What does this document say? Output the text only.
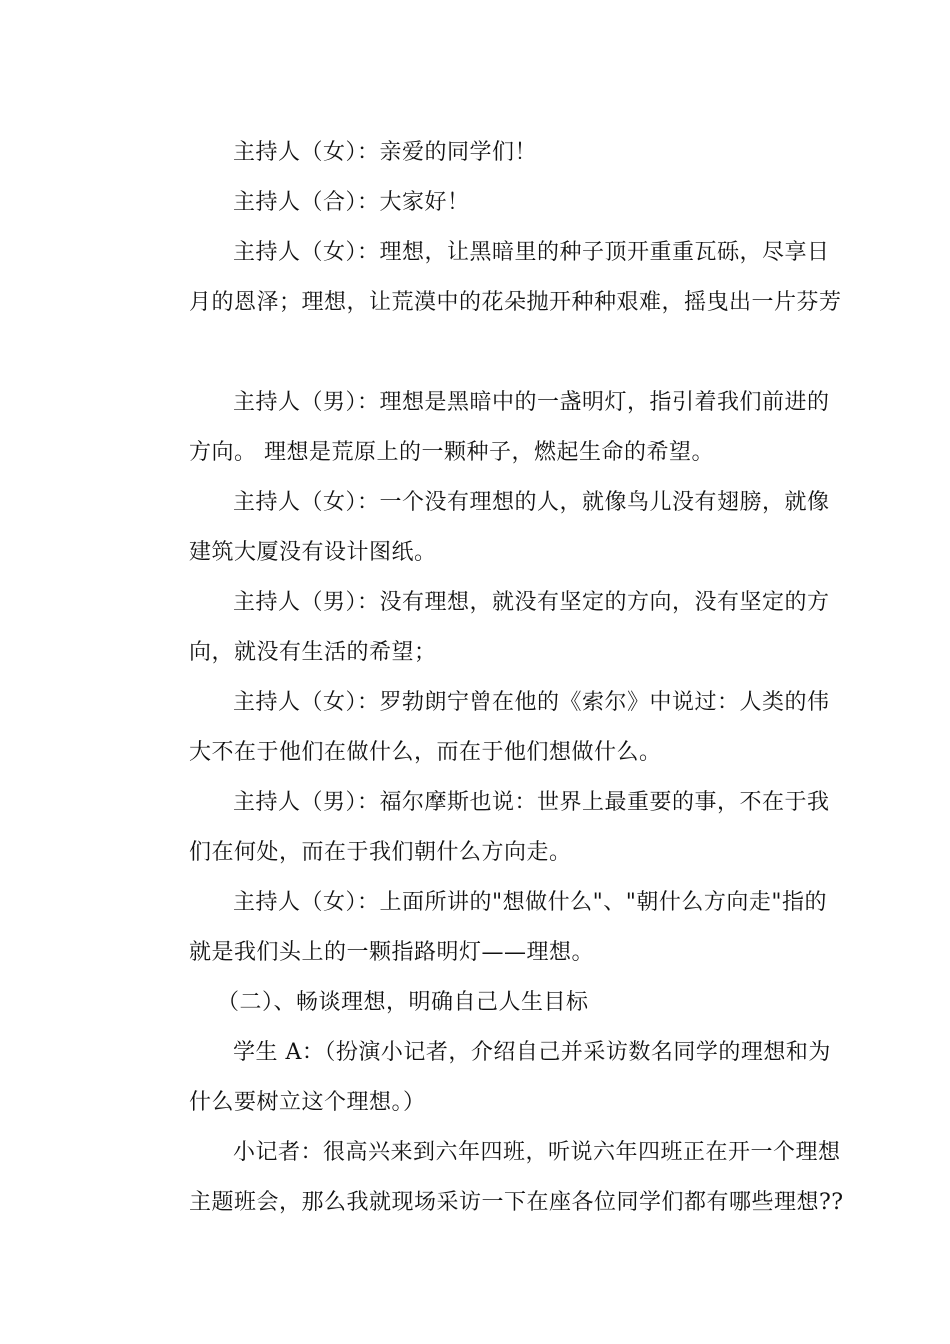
主持人（女）：亲爱的同学们！
主持人（合）：大家好！
主持人（女）：理想，让黑暗里的种子顶开重重瓦砾，尽享日
月的恩泽；理想，让荒漠中的花朵抛开种种艰难，摇曳出一片芬芳
主持人（男）：理想是黑暗中的一盏明灯，指引着我们前进的
方向。 理想是荒原上的一颗种子，燃起生命的希望。
主持人（女）：一个没有理想的人，就像鸟儿没有翅膀，就像
建筑大厦没有设计图纸。
主持人（男）：没有理想，就没有坚定的方向，没有坚定的方
向，就没有生活的希望；
主持人（女）：罗勃朗宁曾在他的《索尔》中说过：人类的伟
大不在于他们在做什么，而在于他们想做什么。
主持人（男）：福尔摩斯也说：世界上最重要的事，不在于我
们在何处，而在于我们朝什么方向走。
主持人（女）：上面所讲的"想做什么"、"朝什么方向走"指的
就是我们头上的一颗指路明灯——理想。
（二）、畅谈理想，明确自己人生目标
学生 A：（扮演小记者，介绍自己并采访数名同学的理想和为
什么要树立这个理想。）
小记者：很高兴来到六年四班，听说六年四班正在开一个理想
主题班会，那么我就现场采访一下在座各位同学们都有哪些理想??
